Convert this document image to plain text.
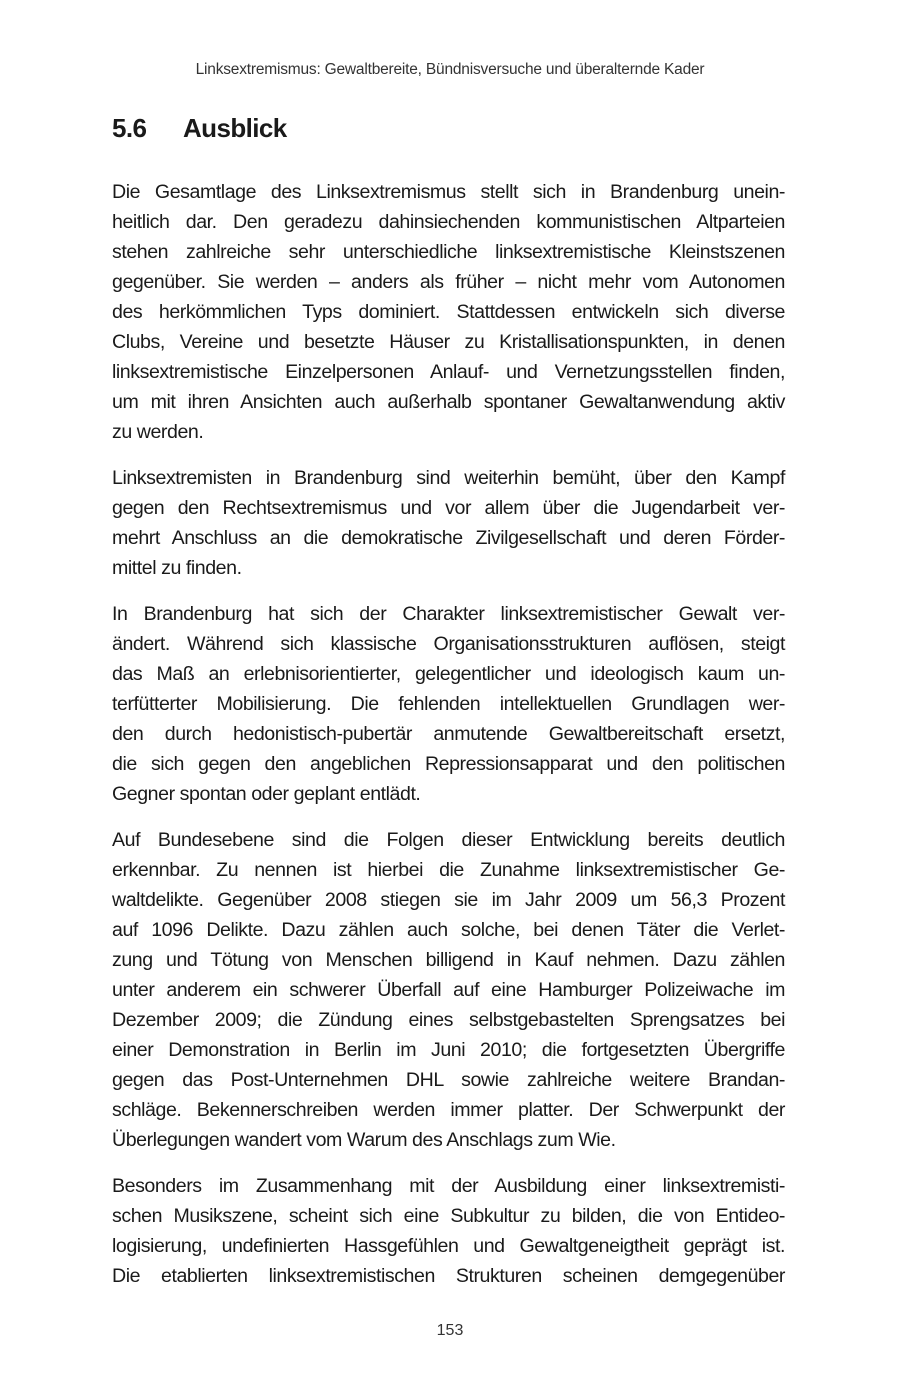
Linksextremismus: Gewaltbereite, Bündnisversuche und überalternde Kader
5.6 Ausblick
Die Gesamtlage des Linksextremismus stellt sich in Brandenburg unein-
heitlich dar. Den geradezu dahinsiechenden kommunistischen Altparteien
stehen zahlreiche sehr unterschiedliche linksextremistische Kleinstszenen
gegenüber. Sie werden – anders als früher – nicht mehr vom Autonomen
des herkömmlichen Typs dominiert. Stattdessen entwickeln sich diverse
Clubs, Vereine und besetzte Häuser zu Kristallisationspunkten, in denen
linksextremistische Einzelpersonen Anlauf- und Vernetzungsstellen finden,
um mit ihren Ansichten auch außerhalb spontaner Gewaltanwendung aktiv
zu werden.
Linksextremisten in Brandenburg sind weiterhin bemüht, über den Kampf
gegen den Rechtsextremismus und vor allem über die Jugendarbeit ver-
mehrt Anschluss an die demokratische Zivilgesellschaft und deren Förder-
mittel zu finden.
In Brandenburg hat sich der Charakter linksextremistischer Gewalt ver-
ändert. Während sich klassische Organisationsstrukturen auflösen, steigt
das Maß an erlebnisorientierter, gelegentlicher und ideologisch kaum un-
terfütterter Mobilisierung. Die fehlenden intellektuellen Grundlagen wer-
den durch hedonistisch-pubertär anmutende Gewaltbereitschaft ersetzt,
die sich gegen den angeblichen Repressionsapparat und den politischen
Gegner spontan oder geplant entlädt.
Auf Bundesebene sind die Folgen dieser Entwicklung bereits deutlich
erkennbar. Zu nennen ist hierbei die Zunahme linksextremistischer Ge-
waltdelikte. Gegenüber 2008 stiegen sie im Jahr 2009 um 56,3 Prozent
auf 1096 Delikte. Dazu zählen auch solche, bei denen Täter die Verlet-
zung und Tötung von Menschen billigend in Kauf nehmen. Dazu zählen
unter anderem ein schwerer Überfall auf eine Hamburger Polizeiwache im
Dezember 2009; die Zündung eines selbstgebastelten Sprengsatzes bei
einer Demonstration in Berlin im Juni 2010; die fortgesetzten Übergriffe
gegen das Post-Unternehmen DHL sowie zahlreiche weitere Brandan-
schläge. Bekennerschreiben werden immer platter. Der Schwerpunkt der
Überlegungen wandert vom Warum des Anschlags zum Wie.
Besonders im Zusammenhang mit der Ausbildung einer linksextremisti-
schen Musikszene, scheint sich eine Subkultur zu bilden, die von Entideo-
logisierung, undefinierten Hassgefühlen und Gewaltgeneigtheit geprägt ist.
Die etablierten linksextremistischen Strukturen scheinen demgegenüber
153
